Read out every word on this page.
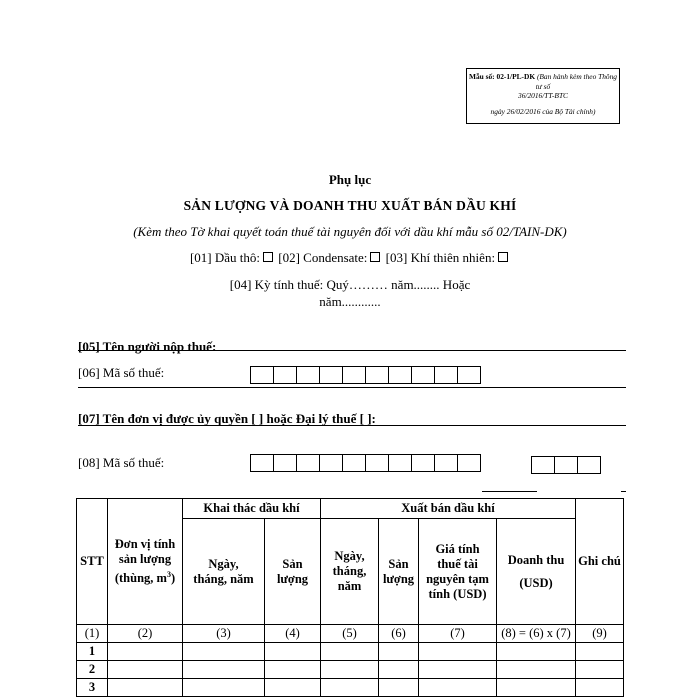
Mẫu số: 02-1/PL-DK (Ban hành kèm theo Thông tư số
36/2016/TT-BTC
ngày 26/02/2016 của Bộ Tài chính)
Phụ lục
SẢN LƯỢNG VÀ DOANH THU XUẤT BÁN DẦU KHÍ
(Kèm theo Tờ khai quyết toán thuế tài nguyên đối với dầu khí mẫu số 02/TAIN-DK)
[01] Dầu thô: [02] Condensate: [03] Khí thiên nhiên:
[04] Kỳ tính thuế: Quý……… năm........ Hoặc
năm............
[05] Tên người nộp thuế:
[06] Mã số thuế:
[07] Tên đơn vị được ủy quyền [ ] hoặc Đại lý thuế [ ]:
[08] Mã số thuế:
STT	Đơn vị tính sản lượng (thùng, $m^3$)	Khai thác dầu khí		Xuất bán dầu khí				Ghi chú
		Ngày, tháng, năm	Sản lượng	Ngày, tháng, năm	Sản lượng	Giá tính thuế tài nguyên tạm tính (USD)	Doanh thu
(USD)	

(1)	(2)	(3)	(4)	(5)	(6)	(7)	(8) = (6) x (7)	(9)
1								
2								
3								
